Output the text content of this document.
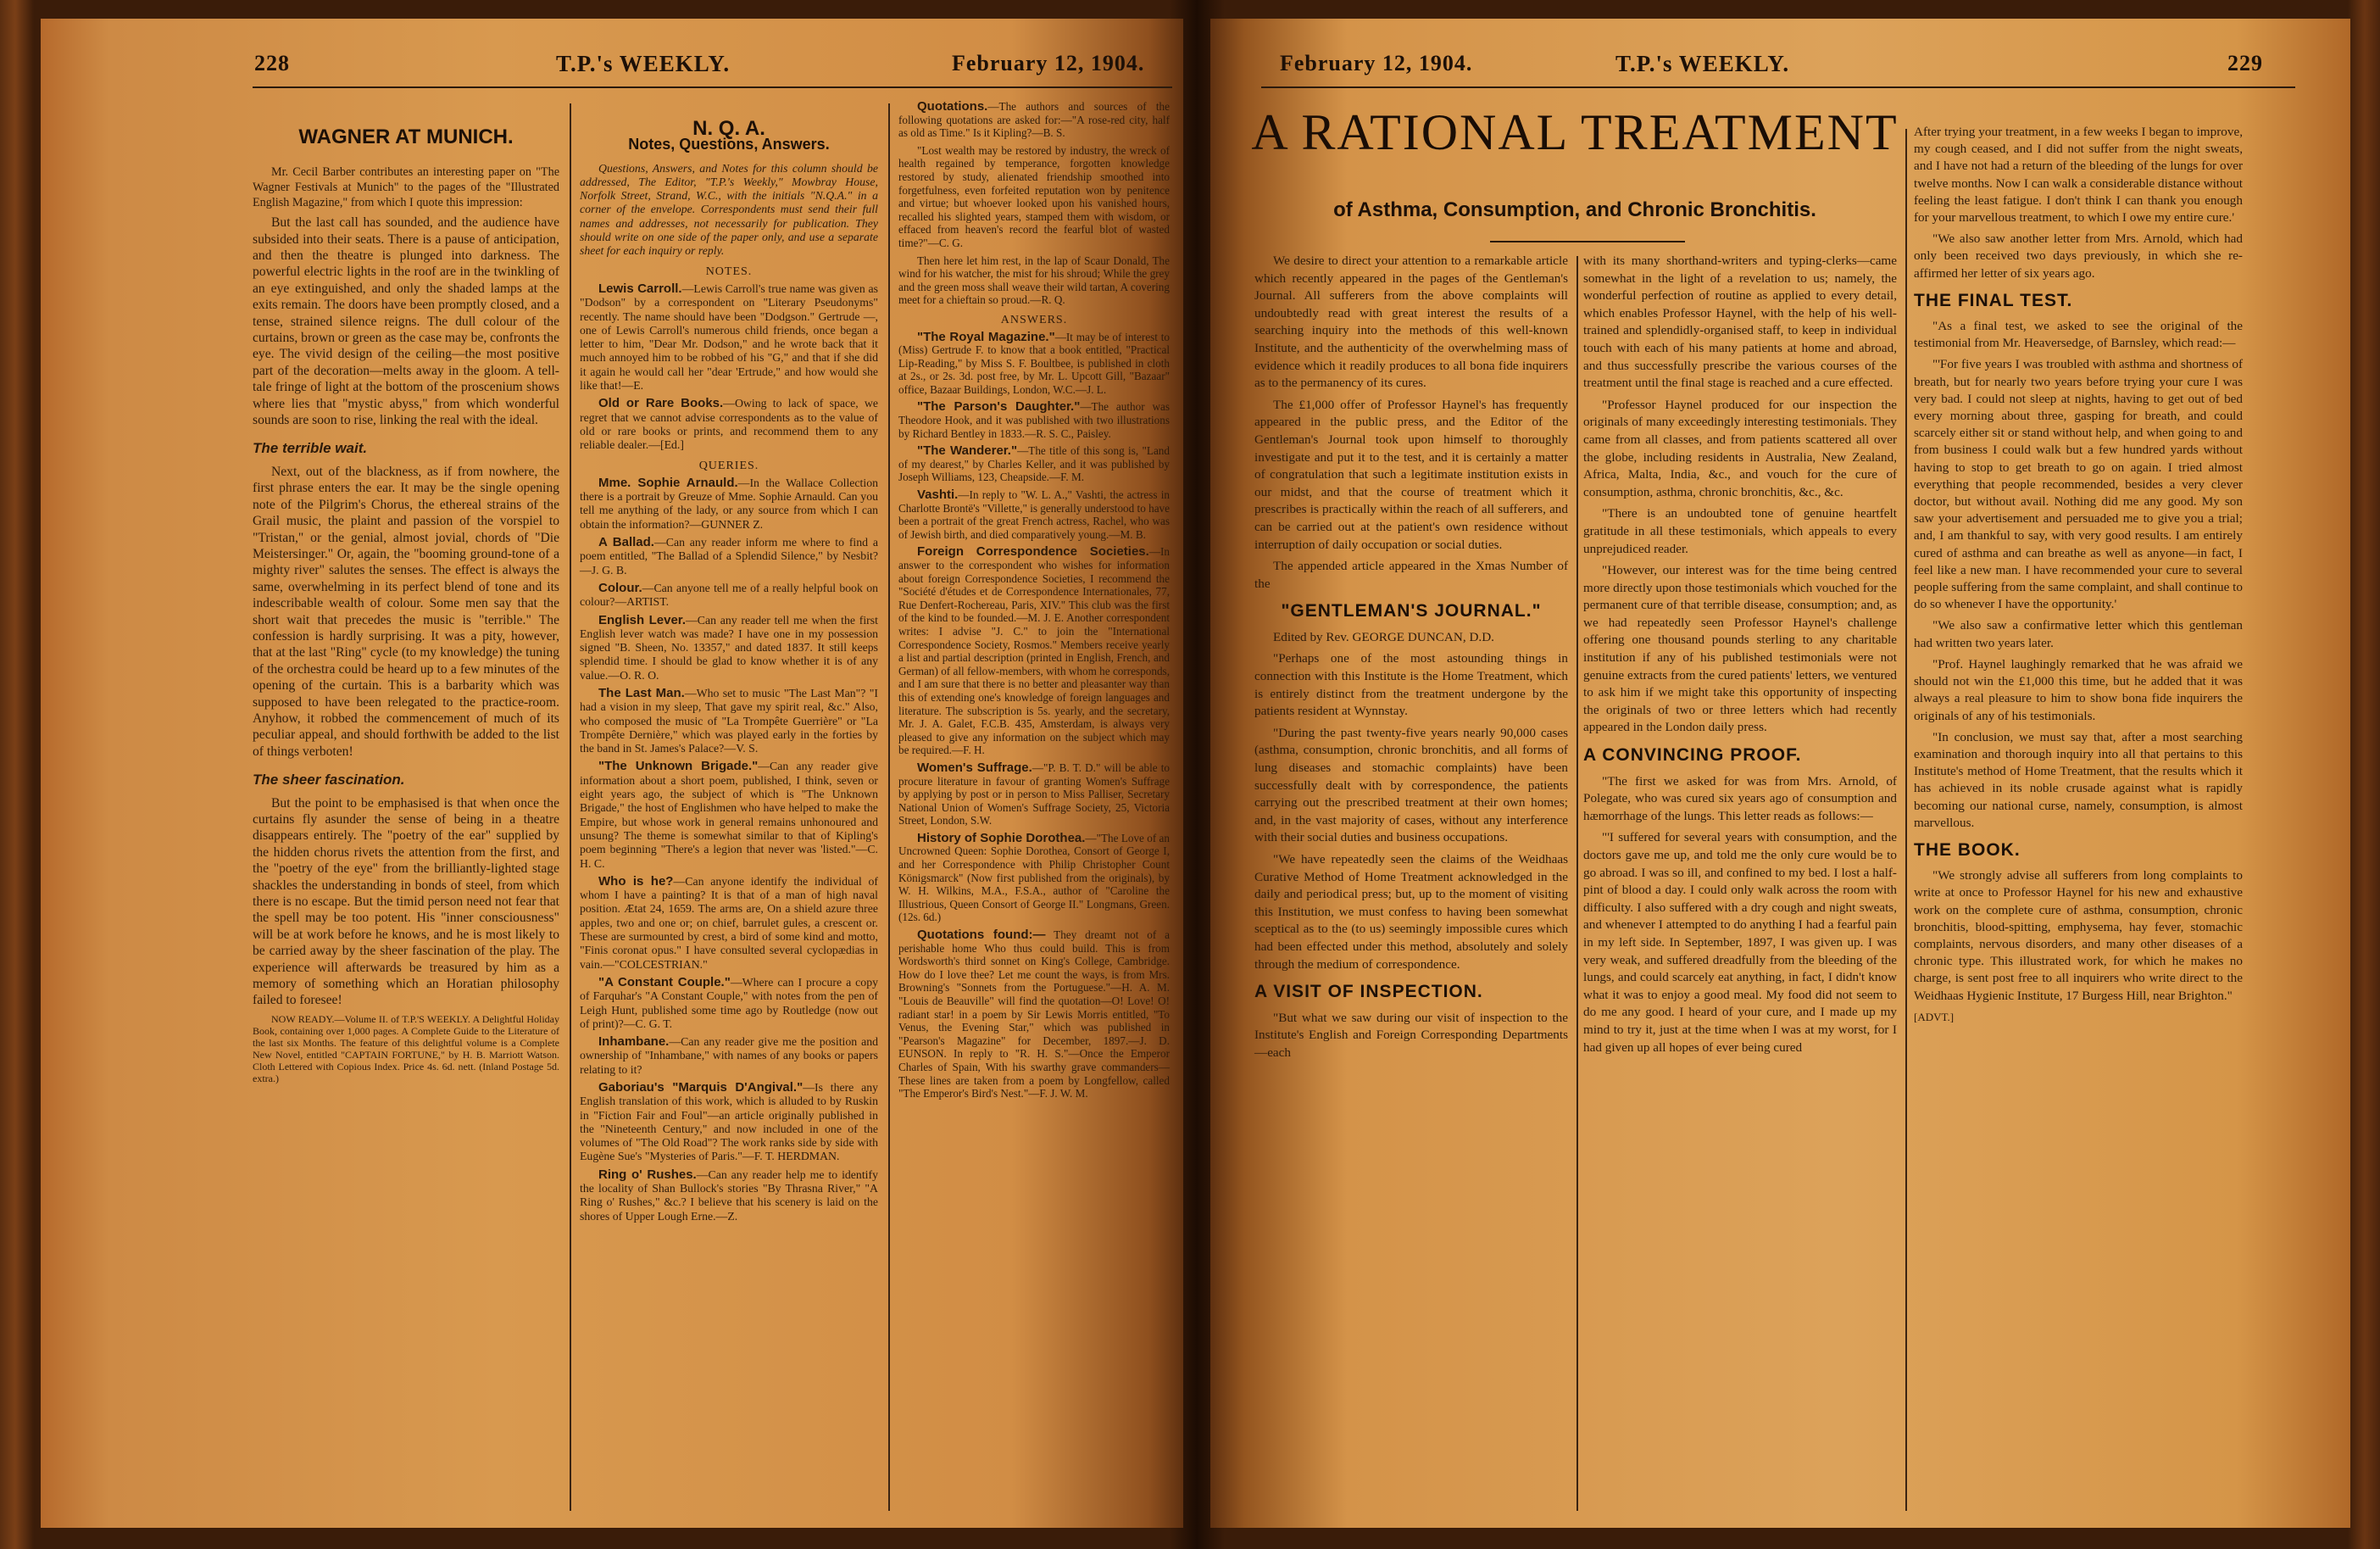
228	T.P.'s WEEKLY.	February 12, 1904.
WAGNER AT MUNICH.

Mr. Cecil Barber contributes an interesting paper on "The Wagner Festivals at Munich" to the pages of the "Illustrated English Magazine," from which I quote this impression:

But the last call has sounded, and the audience have subsided into their seats. There is a pause of anticipation, and then the theatre is plunged into darkness. The powerful electric lights in the roof are in the twinkling of an eye extinguished, and only the shaded lamps at the exits remain. The doors have been promptly closed, and a tense, strained silence reigns. The dull colour of the curtains, brown or green as the case may be, confronts the eye. The vivid design of the ceiling—the most positive part of the decoration—melts away in the gloom. A tell-tale fringe of light at the bottom of the proscenium shows where lies that "mystic abyss," from which wonderful sounds are soon to rise, linking the real with the ideal.

The terrible wait.

Next, out of the blackness, as if from nowhere, the first phrase enters the ear. It may be the single opening note of the Pilgrim's Chorus, the ethereal strains of the Grail music, the plaint and passion of the vorspiel to "Tristan," or the genial, almost jovial, chords of "Die Meistersinger." Or, again, the "booming ground-tone of a mighty river" salutes the senses. The effect is always the same, overwhelming in its perfect blend of tone and its indescribable wealth of colour. Some men say that the short wait that precedes the music is "terrible." The confession is hardly surprising. It was a pity, however, that at the last "Ring" cycle (to my knowledge) the tuning of the orchestra could be heard up to a few minutes of the opening of the curtain. This is a barbarity which was supposed to have been relegated to the practice-room. Anyhow, it robbed the commencement of much of its peculiar appeal, and should forthwith be added to the list of things verboten!

The sheer fascination.

But the point to be emphasised is that when once the curtains fly asunder the sense of being in a theatre disappears entirely. The "poetry of the ear" supplied by the hidden chorus rivets the attention from the first, and the "poetry of the eye" from the brilliantly-lighted stage shackles the understanding in bonds of steel, from which there is no escape. But the timid person need not fear that the spell may be too potent. His "inner consciousness" will be at work before he knows, and he is most likely to be carried away by the sheer fascination of the play. The experience will afterwards be treasured by him as a memory of something which an Horatian philosophy failed to foresee!

NOW READY.—Volume II. of T.P.'S WEEKLY. A Delightful Holiday Book, containing over 1,000 pages. A Complete Guide to the Literature of the last six Months. The feature of this delightful volume is a Complete New Novel, entitled "CAPTAIN FORTUNE," by H. B. Marriott Watson. Cloth Lettered with Copious Index. Price 4s. 6d. nett. (Inland Postage 5d. extra.)

N. Q. A.
Notes, Questions, Answers.

Questions, Answers, and Notes for this column should be addressed, The Editor, "T.P.'s Weekly," Mowbray House, Norfolk Street, Strand, W.C., with the initials "N.Q.A." in a corner of the envelope. Correspondents must send their full names and addresses, not necessarily for publication. They should write on one side of the paper only, and use a separate sheet for each inquiry or reply.

NOTES.

Lewis Carroll.—Lewis Carroll's true name was given as "Dodson" by a correspondent on "Literary Pseudonyms" recently. The name should have been "Dodgson." Gertrude —, one of Lewis Carroll's numerous child friends, once began a letter to him, "Dear Mr. Dodson," and he wrote back that it much annoyed him to be robbed of his "G," and that if she did it again he would call her "dear 'Ertrude," and how would she like that!—E.

Old or Rare Books.—Owing to lack of space, we regret that we cannot advise correspondents as to the value of old or rare books or prints, and recommend them to any reliable dealer.—[Ed.]

QUERIES.

Mme. Sophie Arnauld.—In the Wallace Collection there is a portrait by Greuze of Mme. Sophie Arnauld. Can you tell me anything of the lady, or any source from which I can obtain the information?—GUNNER Z.

A Ballad.—Can any reader inform me where to find a poem entitled, "The Ballad of a Splendid Silence," by Nesbit?—J. G. B.

Colour.—Can anyone tell me of a really helpful book on colour?—ARTIST.

English Lever.—Can any reader tell me when the first English lever watch was made? I have one in my possession signed "B. Sheen, No. 13357," and dated 1837. It still keeps splendid time. I should be glad to know whether it is of any value.—O. R. O.

The Last Man.—Who set to music "The Last Man"? "I had a vision in my sleep, That gave my spirit real, &c." Also, who composed the music of "La Trompête Guerrière" or "La Trompête Dernière," which was played early in the forties by the band in St. James's Palace?—V. S.

"The Unknown Brigade."—Can any reader give information about a short poem, published, I think, seven or eight years ago, the subject of which is "The Unknown Brigade," the host of Englishmen who have helped to make the Empire, but whose work in general remains unhonoured and unsung? The theme is somewhat similar to that of Kipling's poem beginning "There's a legion that never was 'listed."—C. H. C.

Who is he?—Can anyone identify the individual of whom I have a painting? It is that of a man of high naval position. Ætat 24, 1659. The arms are, On a shield azure three apples, two and one or; on chief, barrulet gules, a crescent or. These are surmounted by crest, a bird of some kind and motto, "Finis coronat opus." I have consulted several cyclopædias in vain.—"COLCESTRIAN."

"A Constant Couple."—Where can I procure a copy of Farquhar's "A Constant Couple," with notes from the pen of Leigh Hunt, published some time ago by Routledge (now out of print)?—C. G. T.

Inhambane.—Can any reader give me the position and ownership of "Inhambane," with names of any books or papers relating to it?

Gaboriau's "Marquis D'Angival."—Is there any English translation of this work, which is alluded to by Ruskin in "Fiction Fair and Foul"—an article originally published in the "Nineteenth Century," and now included in one of the volumes of "The Old Road"? The work ranks side by side with Eugène Sue's "Mysteries of Paris."—F. T. HERDMAN.

Ring o' Rushes.—Can any reader help me to identify the locality of Shan Bullock's stories "By Thrasna River," "A Ring o' Rushes," &c.? I believe that his scenery is laid on the shores of Upper Lough Erne.—Z.

Quotations.—The authors and sources of the following quotations are asked for:—"A rose-red city, half as old as Time." Is it Kipling?—B. S.

"Lost wealth may be restored by industry, the wreck of health regained by temperance, forgotten knowledge restored by study, alienated friendship smoothed into forgetfulness, even forfeited reputation won by penitence and virtue; but whoever looked upon his vanished hours, recalled his slighted years, stamped them with wisdom, or effaced from heaven's record the fearful blot of wasted time?"—C. G.

Then here let him rest, in the lap of Scaur Donald, The wind for his watcher, the mist for his shroud; While the grey and the green moss shall weave their wild tartan, A covering meet for a chieftain so proud.—R. Q.

ANSWERS.

"The Royal Magazine."—It may be of interest to (Miss) Gertrude F. to know that a book entitled, "Practical Lip-Reading," by Miss S. F. Boultbee, is published in cloth at 2s., or 2s. 3d. post free, by Mr. L. Upcott Gill, "Bazaar" office, Bazaar Buildings, London, W.C.—J. L.

"The Parson's Daughter."—The author was Theodore Hook, and it was published with two illustrations by Richard Bentley in 1833.—R. S. C., Paisley.

"The Wanderer."—The title of this song is, "Land of my dearest," by Charles Keller, and it was published by Joseph Williams, 123, Cheapside.—F. M.

Vashti.—In reply to "W. L. A.," Vashti, the actress in Charlotte Brontë's "Villette," is generally understood to have been a portrait of the great French actress, Rachel, who was of Jewish birth, and died comparatively young.—M. B.

Foreign Correspondence Societies.—In answer to the correspondent who wishes for information about foreign Correspondence Societies, I recommend the "Société d'études et de Correspondence Internationales, 77, Rue Denfert-Rochereau, Paris, XIV." This club was the first of the kind to be founded.—M. J. E. Another correspondent writes: I advise "J. C." to join the "International Correspondence Society, Rosmos." Members receive yearly a list and partial description (printed in English, French, and German) of all fellow-members, with whom he corresponds, and I am sure that there is no better and pleasanter way than this of extending one's knowledge of foreign languages and literature. The subscription is 5s. yearly, and the secretary, Mr. J. A. Galet, F.C.B. 435, Amsterdam, is always very pleased to give any information on the subject which may be required.—F. H.

Women's Suffrage.—"P. B. T. D." will be able to procure literature in favour of granting Women's Suffrage by applying by post or in person to Miss Palliser, Secretary National Union of Women's Suffrage Society, 25, Victoria Street, London, S.W.

History of Sophie Dorothea.—"The Love of an Uncrowned Queen: Sophie Dorothea, Consort of George I, and her Correspondence with Philip Christopher Count Königsmarck" (Now first published from the originals), by W. H. Wilkins, M.A., F.S.A., author of "Caroline the Illustrious, Queen Consort of George II." Longmans, Green. (12s. 6d.)

Quotations found:— They dreamt not of a perishable home Who thus could build. This is from Wordsworth's third sonnet on King's College, Cambridge. How do I love thee? Let me count the ways, is from Mrs. Browning's "Sonnets from the Portuguese."—H. A. M. "Louis de Beauville" will find the quotation—O! Love! O! radiant star! in a poem by Sir Lewis Morris entitled, "To Venus, the Evening Star," which was published in "Pearson's Magazine" for December, 1897.—J. D. EUNSON. In reply to "R. H. S."—Once the Emperor Charles of Spain, With his swarthy grave commanders—These lines are taken from a poem by Longfellow, called "The Emperor's Bird's Nest."—F. J. W. M.

February 12, 1904.	T.P.'s WEEKLY.	229
A RATIONAL TREATMENT
of Asthma, Consumption, and Chronic Bronchitis.

We desire to direct your attention to a remarkable article which recently appeared in the pages of the Gentleman's Journal. All sufferers from the above complaints will undoubtedly read with great interest the results of a searching inquiry into the methods of this well-known Institute, and the authenticity of the overwhelming mass of evidence which it readily produces to all bona fide inquirers as to the permanency of its cures.

The £1,000 offer of Professor Haynel's has frequently appeared in the public press, and the Editor of the Gentleman's Journal took upon himself to thoroughly investigate and put it to the test, and it is certainly a matter of congratulation that such a legitimate institution exists in our midst, and that the course of treatment which it prescribes is practically within the reach of all sufferers, and can be carried out at the patient's own residence without interruption of daily occupation or social duties.

The appended article appeared in the Xmas Number of the

"GENTLEMAN'S JOURNAL."

Edited by Rev. GEORGE DUNCAN, D.D.

"Perhaps one of the most astounding things in connection with this Institute is the Home Treatment, which is entirely distinct from the treatment undergone by the patients resident at Wynnstay.

"During the past twenty-five years nearly 90,000 cases (asthma, consumption, chronic bronchitis, and all forms of lung diseases and stomachic complaints) have been successfully dealt with by correspondence, the patients carrying out the prescribed treatment at their own homes; and, in the vast majority of cases, without any interference with their social duties and business occupations.

"We have repeatedly seen the claims of the Weidhaas Curative Method of Home Treatment acknowledged in the daily and periodical press; but, up to the moment of visiting this Institution, we must confess to having been somewhat sceptical as to the (to us) seemingly impossible cures which had been effected under this method, absolutely and solely through the medium of correspondence.

A VISIT OF INSPECTION.

"But what we saw during our visit of inspection to the Institute's English and Foreign Corresponding Departments—each

with its many shorthand-writers and typing-clerks—came somewhat in the light of a revelation to us; namely, the wonderful perfection of routine as applied to every detail, which enables Professor Haynel, with the help of his well-trained and splendidly-organised staff, to keep in individual touch with each of his many patients at home and abroad, and thus successfully prescribe the various courses of the treatment until the final stage is reached and a cure effected.

"Professor Haynel produced for our inspection the originals of many exceedingly interesting testimonials. They came from all classes, and from patients scattered all over the globe, including residents in Australia, New Zealand, Africa, Malta, India, &c., and vouch for the cure of consumption, asthma, chronic bronchitis, &c., &c.

"There is an undoubted tone of genuine heartfelt gratitude in all these testimonials, which appeals to every unprejudiced reader.

"However, our interest was for the time being centred more directly upon those testimonials which vouched for the permanent cure of that terrible disease, consumption; and, as we had repeatedly seen Professor Haynel's challenge offering one thousand pounds sterling to any charitable institution if any of his published testimonials were not genuine extracts from the cured patients' letters, we ventured to ask him if we might take this opportunity of inspecting the originals of two or three letters which had recently appeared in the London daily press.

A CONVINCING PROOF.

"The first we asked for was from Mrs. Arnold, of Polegate, who was cured six years ago of consumption and hæmorrhage of the lungs. This letter reads as follows:—

"'I suffered for several years with consumption, and the doctors gave me up, and told me the only cure would be to go abroad. I was so ill, and confined to my bed. I lost a half-pint of blood a day. I could only walk across the room with difficulty. I also suffered with a dry cough and night sweats, and whenever I attempted to do anything I had a fearful pain in my left side. In September, 1897, I was given up. I was very weak, and suffered dreadfully from the bleeding of the lungs, and could scarcely eat anything, in fact, I didn't know what it was to enjoy a good meal. My food did not seem to do me any good. I heard of your cure, and I made up my mind to try it, just at the time when I was at my worst, for I had given up all hopes of ever being cured

After trying your treatment, in a few weeks I began to improve, my cough ceased, and I did not suffer from the night sweats, and I have not had a return of the bleeding of the lungs for over twelve months. Now I can walk a considerable distance without feeling the least fatigue. I don't think I can thank you enough for your marvellous treatment, to which I owe my entire cure.'

"We also saw another letter from Mrs. Arnold, which had only been received two days previously, in which she re-affirmed her letter of six years ago.

THE FINAL TEST.

"As a final test, we asked to see the original of the testimonial from Mr. Heaversedge, of Barnsley, which read:—

"'For five years I was troubled with asthma and shortness of breath, but for nearly two years before trying your cure I was very bad. I could not sleep at nights, having to get out of bed every morning about three, gasping for breath, and could scarcely either sit or stand without help, and when going to and from business I could walk but a few hundred yards without having to stop to get breath to go on again. I tried almost everything that people recommended, besides a very clever doctor, but without avail. Nothing did me any good. My son saw your advertisement and persuaded me to give you a trial; and, I am thankful to say, with very good results. I am entirely cured of asthma and can breathe as well as anyone—in fact, I feel like a new man. I have recommended your cure to several people suffering from the same complaint, and shall continue to do so whenever I have the opportunity.'

"We also saw a confirmative letter which this gentleman had written two years later.

"Prof. Haynel laughingly remarked that he was afraid we should not win the £1,000 this time, but he added that it was always a real pleasure to him to show bona fide inquirers the originals of any of his testimonials.

"In conclusion, we must say that, after a most searching examination and thorough inquiry into all that pertains to this Institute's method of Home Treatment, that the results which it has achieved in its noble crusade against what is rapidly becoming our national curse, namely, consumption, is almost marvellous.

THE BOOK.

"We strongly advise all sufferers from long complaints to write at once to Professor Haynel for his new and exhaustive work on the complete cure of asthma, consumption, chronic bronchitis, blood-spitting, emphysema, hay fever, stomachic complaints, nervous disorders, and many other diseases of a chronic type. This illustrated work, for which he makes no charge, is sent post free to all inquirers who write direct to the Weidhaas Hygienic Institute, 17 Burgess Hill, near Brighton."

[ADVT.]
